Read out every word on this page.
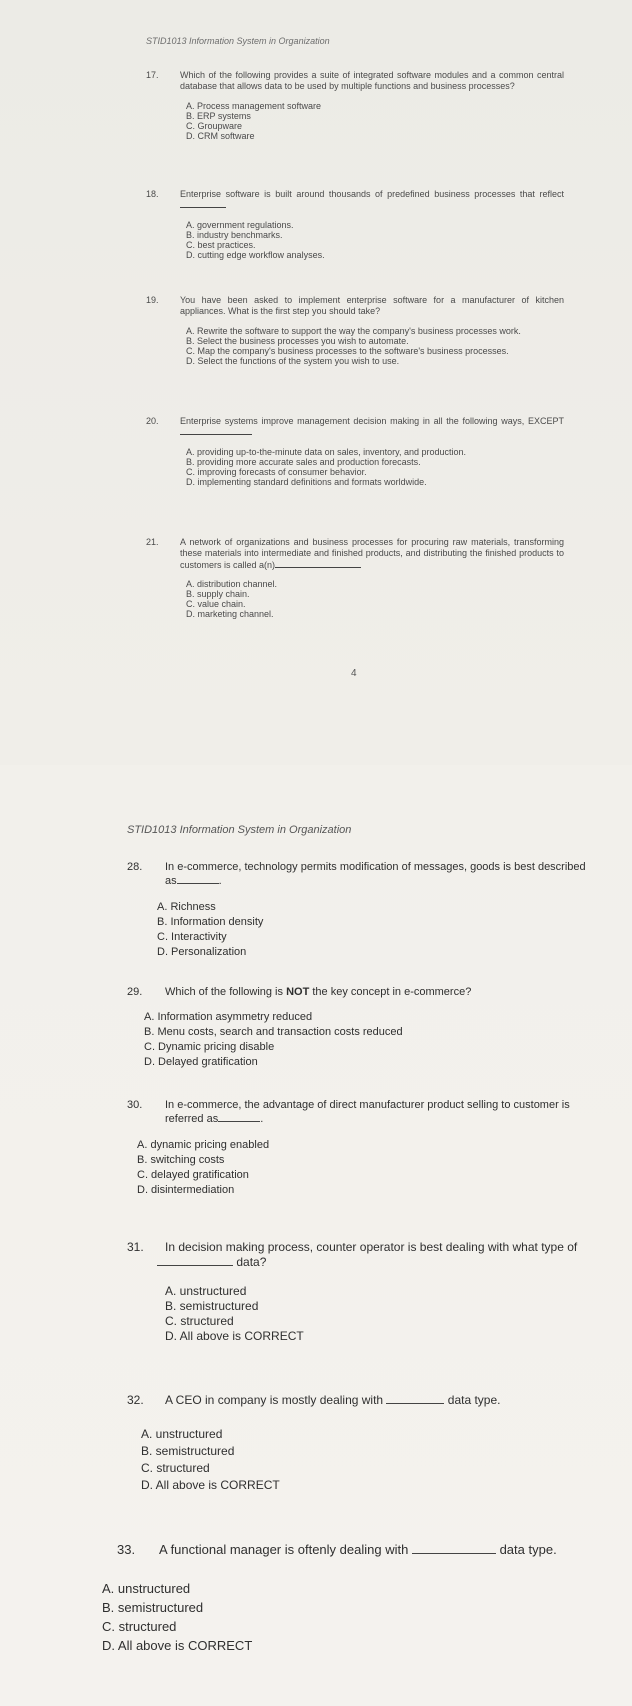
STID1013 Information System in Organization
17. Which of the following provides a suite of integrated software modules and a common central database that allows data to be used by multiple functions and business processes?
A. Process management software
B. ERP systems
C. Groupware
D. CRM software
18. Enterprise software is built around thousands of predefined business processes that reflect
A. government regulations.
B. industry benchmarks.
C. best practices.
D. cutting edge workflow analyses.
19. You have been asked to implement enterprise software for a manufacturer of kitchen appliances. What is the first step you should take?
A. Rewrite the software to support the way the company's business processes work.
B. Select the business processes you wish to automate.
C. Map the company's business processes to the software's business processes.
D. Select the functions of the system you wish to use.
20. Enterprise systems improve management decision making in all the following ways, EXCEPT
A. providing up-to-the-minute data on sales, inventory, and production.
B. providing more accurate sales and production forecasts.
C. improving forecasts of consumer behavior.
D. implementing standard definitions and formats worldwide.
21. A network of organizations and business processes for procuring raw materials, transforming these materials into intermediate and finished products, and distributing the finished products to customers is called a(n)
A. distribution channel.
B. supply chain.
C. value chain.
D. marketing channel.
4
STID1013 Information System in Organization
28. In e-commerce, technology permits modification of messages, goods is best described as	.
A. Richness
B. Information density
C. Interactivity
D. Personalization
29. Which of the following is NOT the key concept in e-commerce?
A. Information asymmetry reduced
B. Menu costs, search and transaction costs reduced
C. Dynamic pricing disable
D. Delayed gratification
30. In e-commerce, the advantage of direct manufacturer product selling to customer is referred as	.
A. dynamic pricing enabled
B. switching costs
C. delayed gratification
D. disintermediation
31. In decision making process, counter operator is best dealing with what type of
data?
A. unstructured
B. semistructured
C. structured
D. All above is CORRECT
32. A CEO in company is mostly dealing with	data type.
A. unstructured
B. semistructured
C. structured
D. All above is CORRECT
33. A functional manager is oftenly dealing with	data type.
A. unstructured
B. semistructured
C. structured
D. All above is CORRECT
